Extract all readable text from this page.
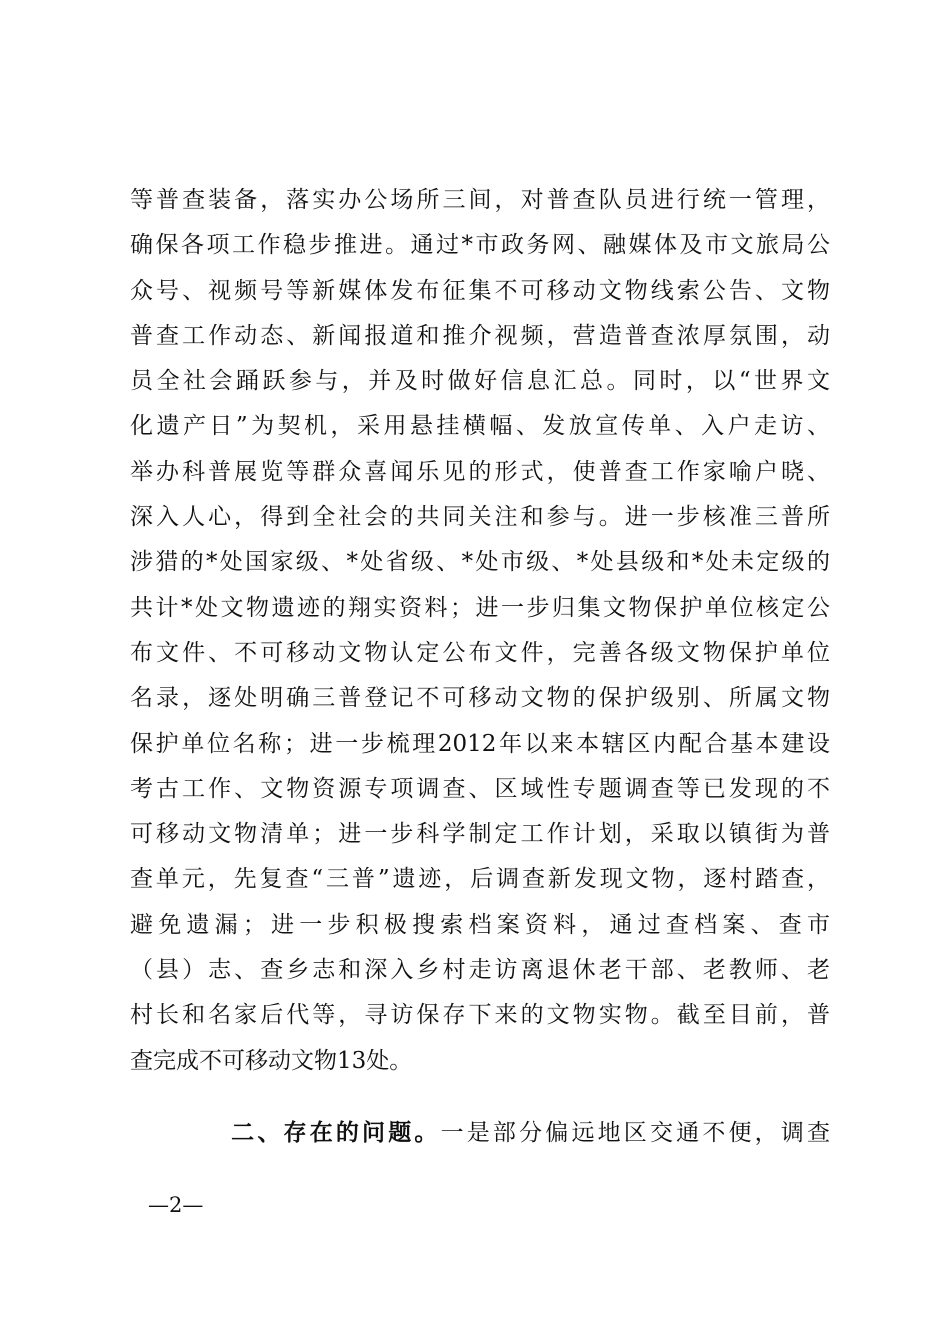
等普查装备，落实办公场所三间，对普查队员进行统一管理，
确保各项工作稳步推进。通过*市政务网、融媒体及市文旅局公
众号、视频号等新媒体发布征集不可移动文物线索公告、文物
普查工作动态、新闻报道和推介视频，营造普查浓厚氛围，动
员全社会踊跃参与，并及时做好信息汇总。同时，以“世界文
化遗产日”为契机，采用悬挂横幅、发放宣传单、入户走访、
举办科普展览等群众喜闻乐见的形式，使普查工作家喻户晓、
深入人心，得到全社会的共同关注和参与。进一步核准三普所
涉猎的*处国家级、*处省级、*处市级、*处县级和*处未定级的
共计*处文物遗迹的翔实资料；进一步归集文物保护单位核定公
布文件、不可移动文物认定公布文件，完善各级文物保护单位
名录，逐处明确三普登记不可移动文物的保护级别、所属文物
保护单位名称；进一步梳理2012年以来本辖区内配合基本建设
考古工作、文物资源专项调查、区域性专题调查等已发现的不
可移动文物清单；进一步科学制定工作计划，采取以镇街为普
查单元，先复查“三普”遗迹，后调查新发现文物，逐村踏查，
避免遗漏；进一步积极搜索档案资料，通过查档案、查市
（县）志、查乡志和深入乡村走访离退休老干部、老教师、老
村长和名家后代等，寻访保存下来的文物实物。截至目前，普
查完成不可移动文物13处。
二、存在的问题。一是部分偏远地区交通不便，调查
—2—
